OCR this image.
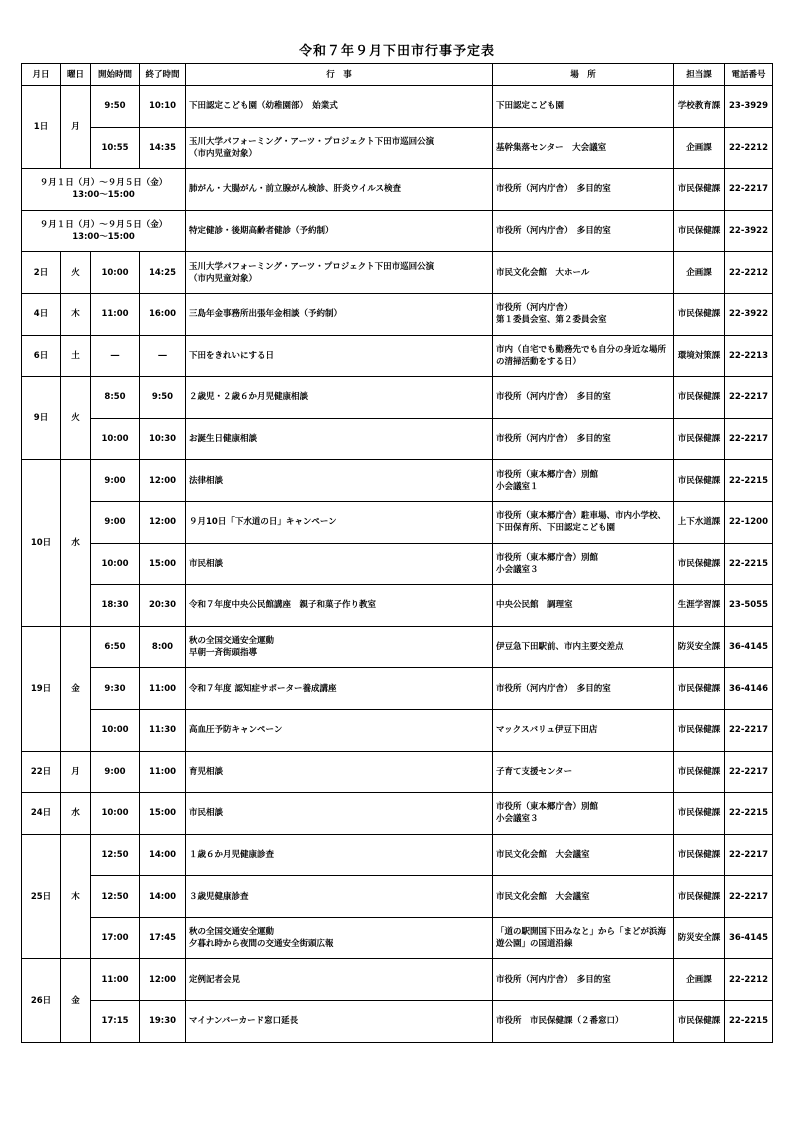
令和７年９月下田市行事予定表
月日	曜日	開始時間	終了時間	行　事	場　所	担当課	電話番号
1日	月	9:50	10:10	下田認定こども園（幼稚園部）　始業式	下田認定こども園	学校教育課	23-3929
		10:55	14:35	玉川大学パフォーミング・アーツ・プロジェクト下田市巡回公演
（市内児童対象）	基幹集落センター　大会議室	企画課	22-2212
９月１日（月）～９月５日（金）
13:00～15:00				肺がん・大腸がん・前立腺がん検診、肝炎ウイルス検査	市役所（河内庁舎）　多目的室	市民保健課	22-2217
９月１日（月）～９月５日（金）
13:00～15:00				特定健診・後期高齢者健診（予約制）	市役所（河内庁舎）　多目的室	市民保健課	22-3922
2日	火	10:00	14:25	玉川大学パフォーミング・アーツ・プロジェクト下田市巡回公演
（市内児童対象）	市民文化会館　大ホール	企画課	22-2212
4日	木	11:00	16:00	三島年金事務所出張年金相談（予約制）	市役所（河内庁舎）
第１委員会室、第２委員会室	市民保健課	22-3922
6日	土	―	―	下田をきれいにする日	市内（自宅でも勤務先でも自分の身近な場所の清掃活動をする日）	環境対策課	22-2213
9日	火	8:50	9:50	２歳児・２歳６か月児健康相談	市役所（河内庁舎）　多目的室	市民保健課	22-2217
		10:00	10:30	お誕生日健康相談	市役所（河内庁舎）　多目的室	市民保健課	22-2217
10日	水	9:00	12:00	法律相談	市役所（東本郷庁舎）別館
小会議室１	市民保健課	22-2215
		9:00	12:00	９月10日「下水道の日」キャンペーン	市役所（東本郷庁舎）駐車場、市内小学校、下田保育所、下田認定こども園	上下水道課	22-1200
		10:00	15:00	市民相談	市役所（東本郷庁舎）別館
小会議室３	市民保健課	22-2215
		18:30	20:30	令和７年度中央公民館講座　親子和菓子作り教室	中央公民館　調理室	生涯学習課	23-5055
19日	金	6:50	8:00	秋の全国交通安全運動
早朝一斉街頭指導	伊豆急下田駅前、市内主要交差点	防災安全課	36-4145
		9:30	11:00	令和７年度 認知症サポーター養成講座	市役所（河内庁舎）　多目的室	市民保健課	36-4146
		10:00	11:30	高血圧予防キャンペーン	マックスバリュ伊豆下田店	市民保健課	22-2217
22日	月	9:00	11:00	育児相談	子育て支援センター	市民保健課	22-2217
24日	水	10:00	15:00	市民相談	市役所（東本郷庁舎）別館
小会議室３	市民保健課	22-2215
25日	木	12:50	14:00	１歳６か月児健康診査	市民文化会館　大会議室	市民保健課	22-2217
		12:50	14:00	３歳児健康診査	市民文化会館　大会議室	市民保健課	22-2217
		17:00	17:45	秋の全国交通安全運動
夕暮れ時から夜間の交通安全街頭広報	「道の駅開国下田みなと」から「まどが浜海遊公園」の国道沿線	防災安全課	36-4145
26日	金	11:00	12:00	定例記者会見	市役所（河内庁舎）　多目的室	企画課	22-2212
		17:15	19:30	マイナンバーカード窓口延長	市役所　市民保健課（２番窓口）	市民保健課	22-2215
